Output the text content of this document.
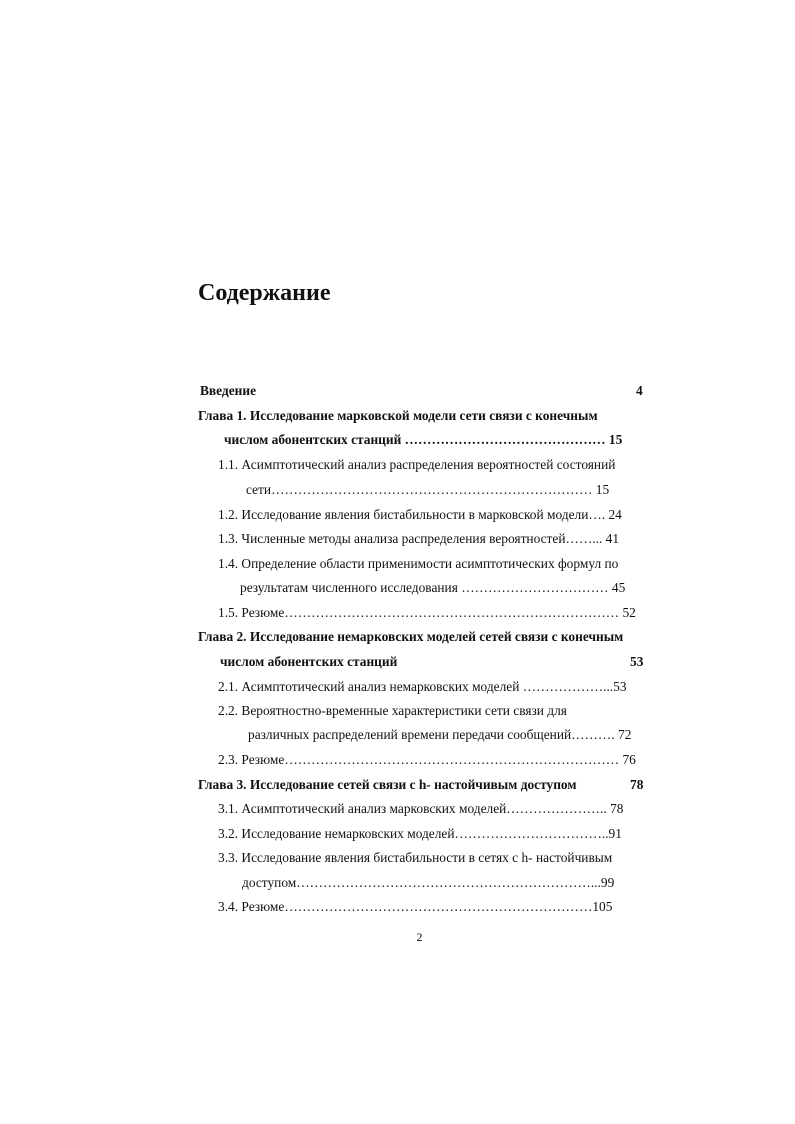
Содержание
Введение	4
Глава 1. Исследование марковской модели сети связи с конечным
числом абонентских станций ……………………………………… 15
1.1. Асимптотический анализ распределения вероятностей состояний
сети……………………………………………………………… 15
1.2. Исследование явления бистабильности в марковской модели…. 24
1.3. Численные методы анализа распределения вероятностей……... 41
1.4. Определение области применимости асимптотических формул по
результатам численного исследования …………………………… 45
1.5. Резюме………………………………………………………………… 52
Глава 2. Исследование немарковских моделей сетей связи с конечным
числом абонентских станций	53
2.1. Асимптотический анализ немарковских моделей ………………...53
2.2. Вероятностно-временные характеристики сети связи для
различных распределений времени передачи сообщений………. 72
2.3. Резюме………………………………………………………………… 76
Глава 3. Исследование сетей связи с h- настойчивым доступом	78
3.1. Асимптотический анализ марковских моделей………………….. 78
3.2. Исследование немарковских моделей……………………………..91
3.3. Исследование явления бистабильности в сетях с h- настойчивым
доступом…………………………………………………………...99
3.4. Резюме……………………………………………………………105
2
